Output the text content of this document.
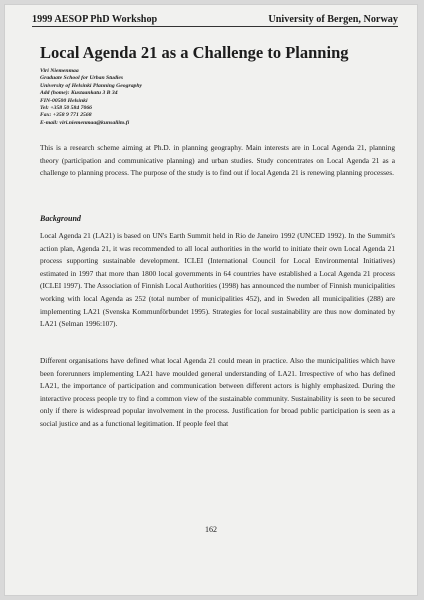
1999 AESOP PhD Workshop	University of Bergen, Norway
Local Agenda 21 as a Challenge to Planning
Viri Niemenmaa
Graduate School for Urban Studies
University of Helsinki Planning Geography
Add (home): Kustaankatu 3 B 34
FIN-00500 Helsinki
Tel: +358 50 584 7066
Fax: +358 9 771 2568
E-mail: viri.niemenmaa@kunsaliito.fi

This is a research scheme aiming at Ph.D. in planning geography. Main interests are in Local Agenda 21, planning theory (participation and communicative planning) and urban studies. Study concentrates on Local Agenda 21 as a challenge to planning process. The purpose of the study is to find out if local Agenda 21 is renewing planning processes.

Background

Local Agenda 21 (LA21) is based on UN's Earth Summit held in Rio de Janeiro 1992 (UNCED 1992). In the Summit's action plan, Agenda 21, it was recommended to all local authorities in the world to initiate their own Local Agenda 21 process supporting sustainable development. ICLEI (International Council for Local Environmental Initiatives) estimated in 1997 that more than 1800 local governments in 64 countries have established a Local Agenda 21 process (ICLEI 1997). The Association of Finnish Local Authorities (1998) has announced the number of Finnish municipalities working with local Agenda as 252 (total number of municipalities 452), and in Sweden all municipalities (288) are implementing LA21 (Svenska Kommunförbundet 1995). Strategies for local sustainability are thus now dominated by LA21 (Selman 1996:107).

Different organisations have defined what local Agenda 21 could mean in practice. Also the municipalities which have been forerunners implementing LA21 have moulded general understanding of LA21. Irrespective of who has defined LA21, the importance of participation and communication between different actors is highly emphasized. During the interactive process people try to find a common view of the sustainable community. Sustainability is seen to be secured only if there is widespread popular involvement in the process. Justification for broad public participation is seen as a social justice and as a functional legitimation. If people feel that

162
